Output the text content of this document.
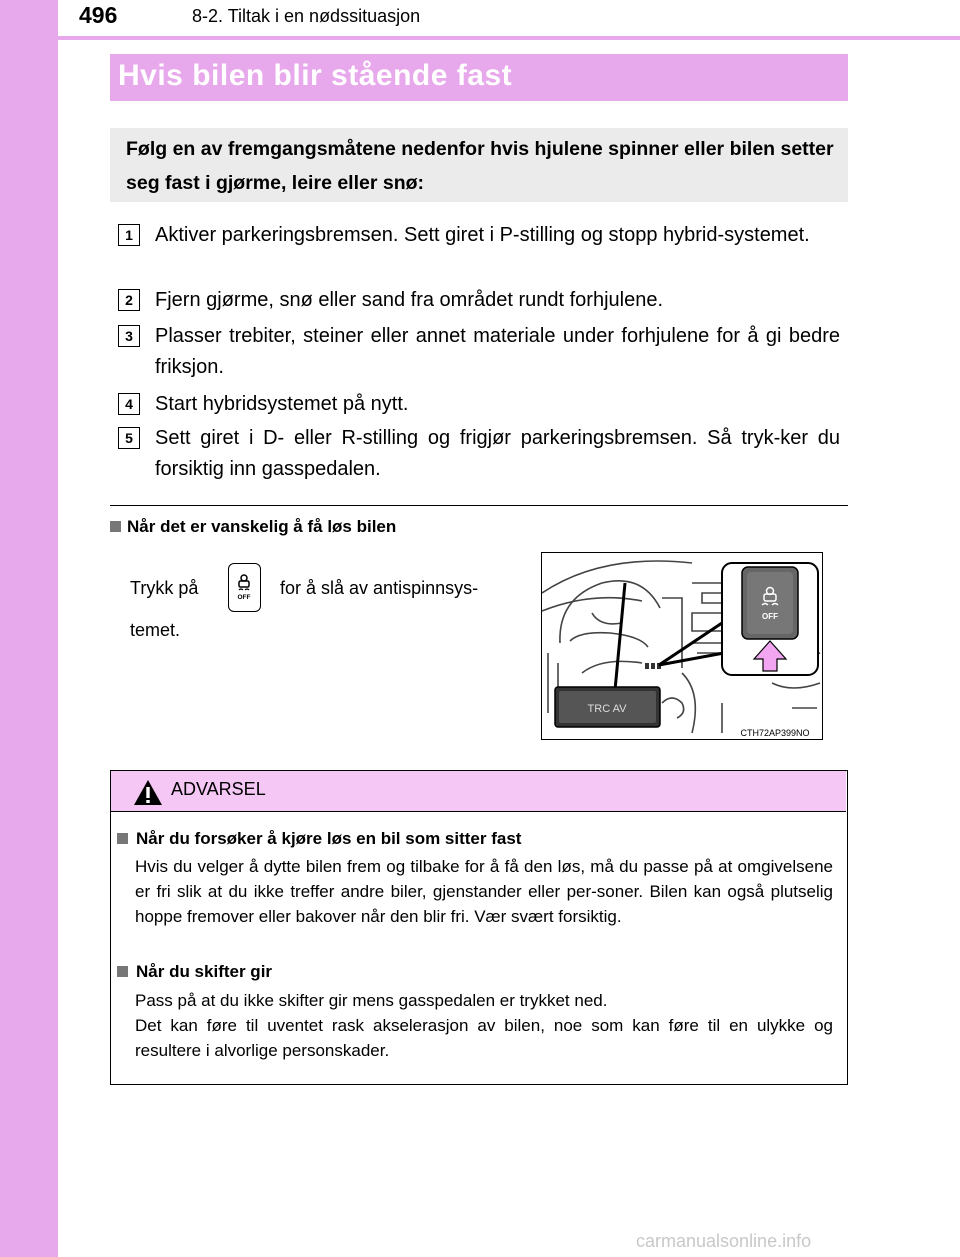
496	8-2. Tiltak i en nødssituasjon
Hvis bilen blir stående fast
Følg en av fremgangsmåtene nedenfor hvis hjulene spinner eller bilen setter seg fast i gjørme, leire eller snø:
1	Aktiver parkeringsbremsen. Sett giret i P-stilling og stopp hybrid-systemet.
2	Fjern gjørme, snø eller sand fra området rundt forhjulene.
3	Plasser trebiter, steiner eller annet materiale under forhjulene for å gi bedre friksjon.
4	Start hybridsystemet på nytt.
5	Sett giret i D- eller R-stilling og frigjør parkeringsbremsen. Så tryk-ker du forsiktig inn gasspedalen.
Når det er vanskelig å få løs bilen
Trykk på	OFF for å slå av antispinnsys-
temet.
TRC AV
OFF
CTH72AP399NO
ADVARSEL
Når du forsøker å kjøre løs en bil som sitter fast
Hvis du velger å dytte bilen frem og tilbake for å få den løs, må du passe på at omgivelsene er fri slik at du ikke treffer andre biler, gjenstander eller per-soner. Bilen kan også plutselig hoppe fremover eller bakover når den blir fri. Vær svært forsiktig.
Når du skifter gir
Pass på at du ikke skifter gir mens gasspedalen er trykket ned.
Det kan føre til uventet rask akselerasjon av bilen, noe som kan føre til en ulykke og resultere i alvorlige personskader.
carmanualsonline.info
